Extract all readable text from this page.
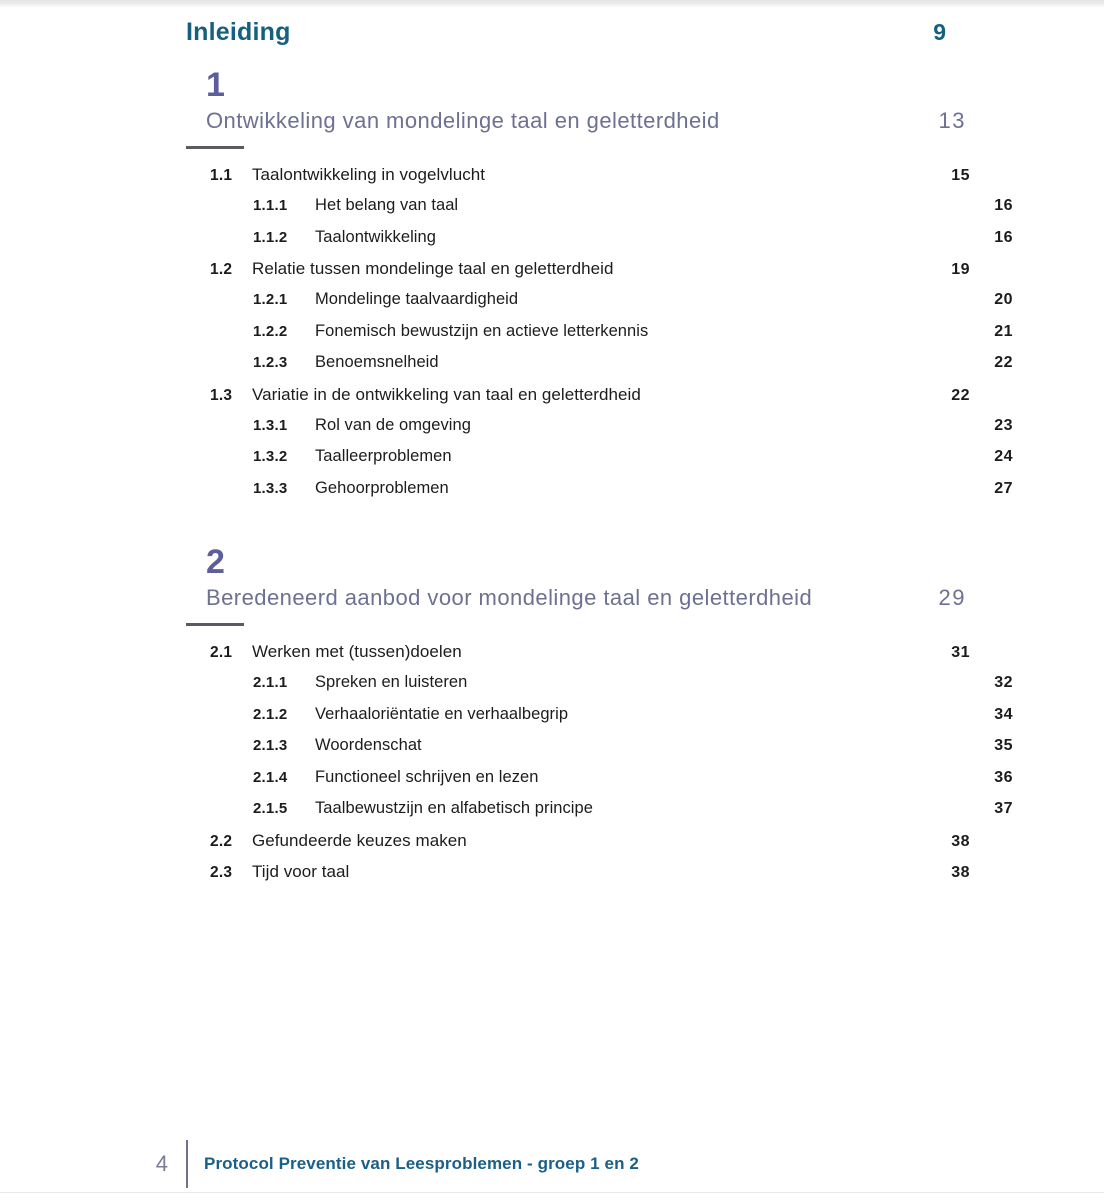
Inleiding	9
1
Ontwikkeling van mondelinge taal en geletterdheid	13
1.1	Taalontwikkeling in vogelvlucht	15
1.1.1	Het belang van taal	16
1.1.2	Taalontwikkeling	16
1.2	Relatie tussen mondelinge taal en geletterdheid	19
1.2.1	Mondelinge taalvaardigheid	20
1.2.2	Fonemisch bewustzijn en actieve letterkennis	21
1.2.3	Benoemsnelheid	22
1.3	Variatie in de ontwikkeling van taal en geletterdheid	22
1.3.1	Rol van de omgeving	23
1.3.2	Taalleerproblemen	24
1.3.3	Gehoorproblemen	27
2
Beredeneerd aanbod voor mondelinge taal en geletterdheid	29
2.1	Werken met (tussen)doelen	31
2.1.1	Spreken en luisteren	32
2.1.2	Verhaaloriëntatie en verhaalbegrip	34
2.1.3	Woordenschat	35
2.1.4	Functioneel schrijven en lezen	36
2.1.5	Taalbewustzijn en alfabetisch principe	37
2.2	Gefundeerde keuzes maken	38
2.3	Tijd voor taal	38
4	Protocol Preventie van Leesproblemen - groep 1 en 2
